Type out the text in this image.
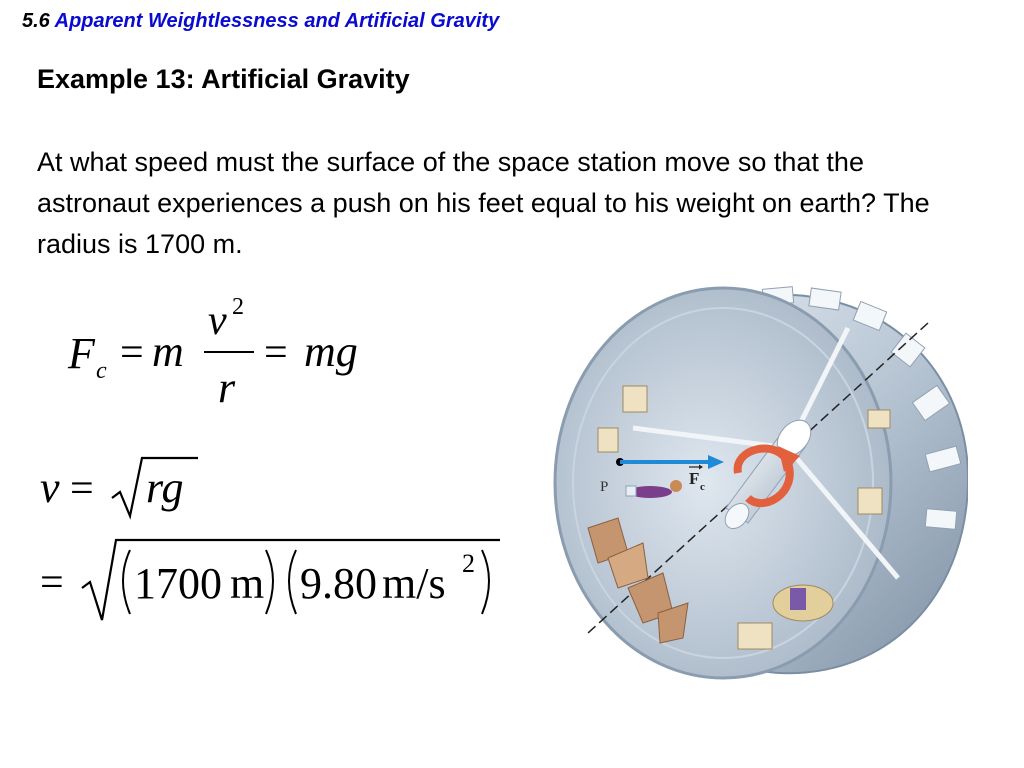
5.6 Apparent Weightlessness and Artificial Gravity
Example 13: Artificial Gravity
At what speed must the surface of the space station move so that the astronaut experiences a push on his feet equal to his weight on earth? The radius is 1700 m.
F c = m
v 2
r
= mg
v = rg
= 1700 m 9.80 m/s 2
P	F c
